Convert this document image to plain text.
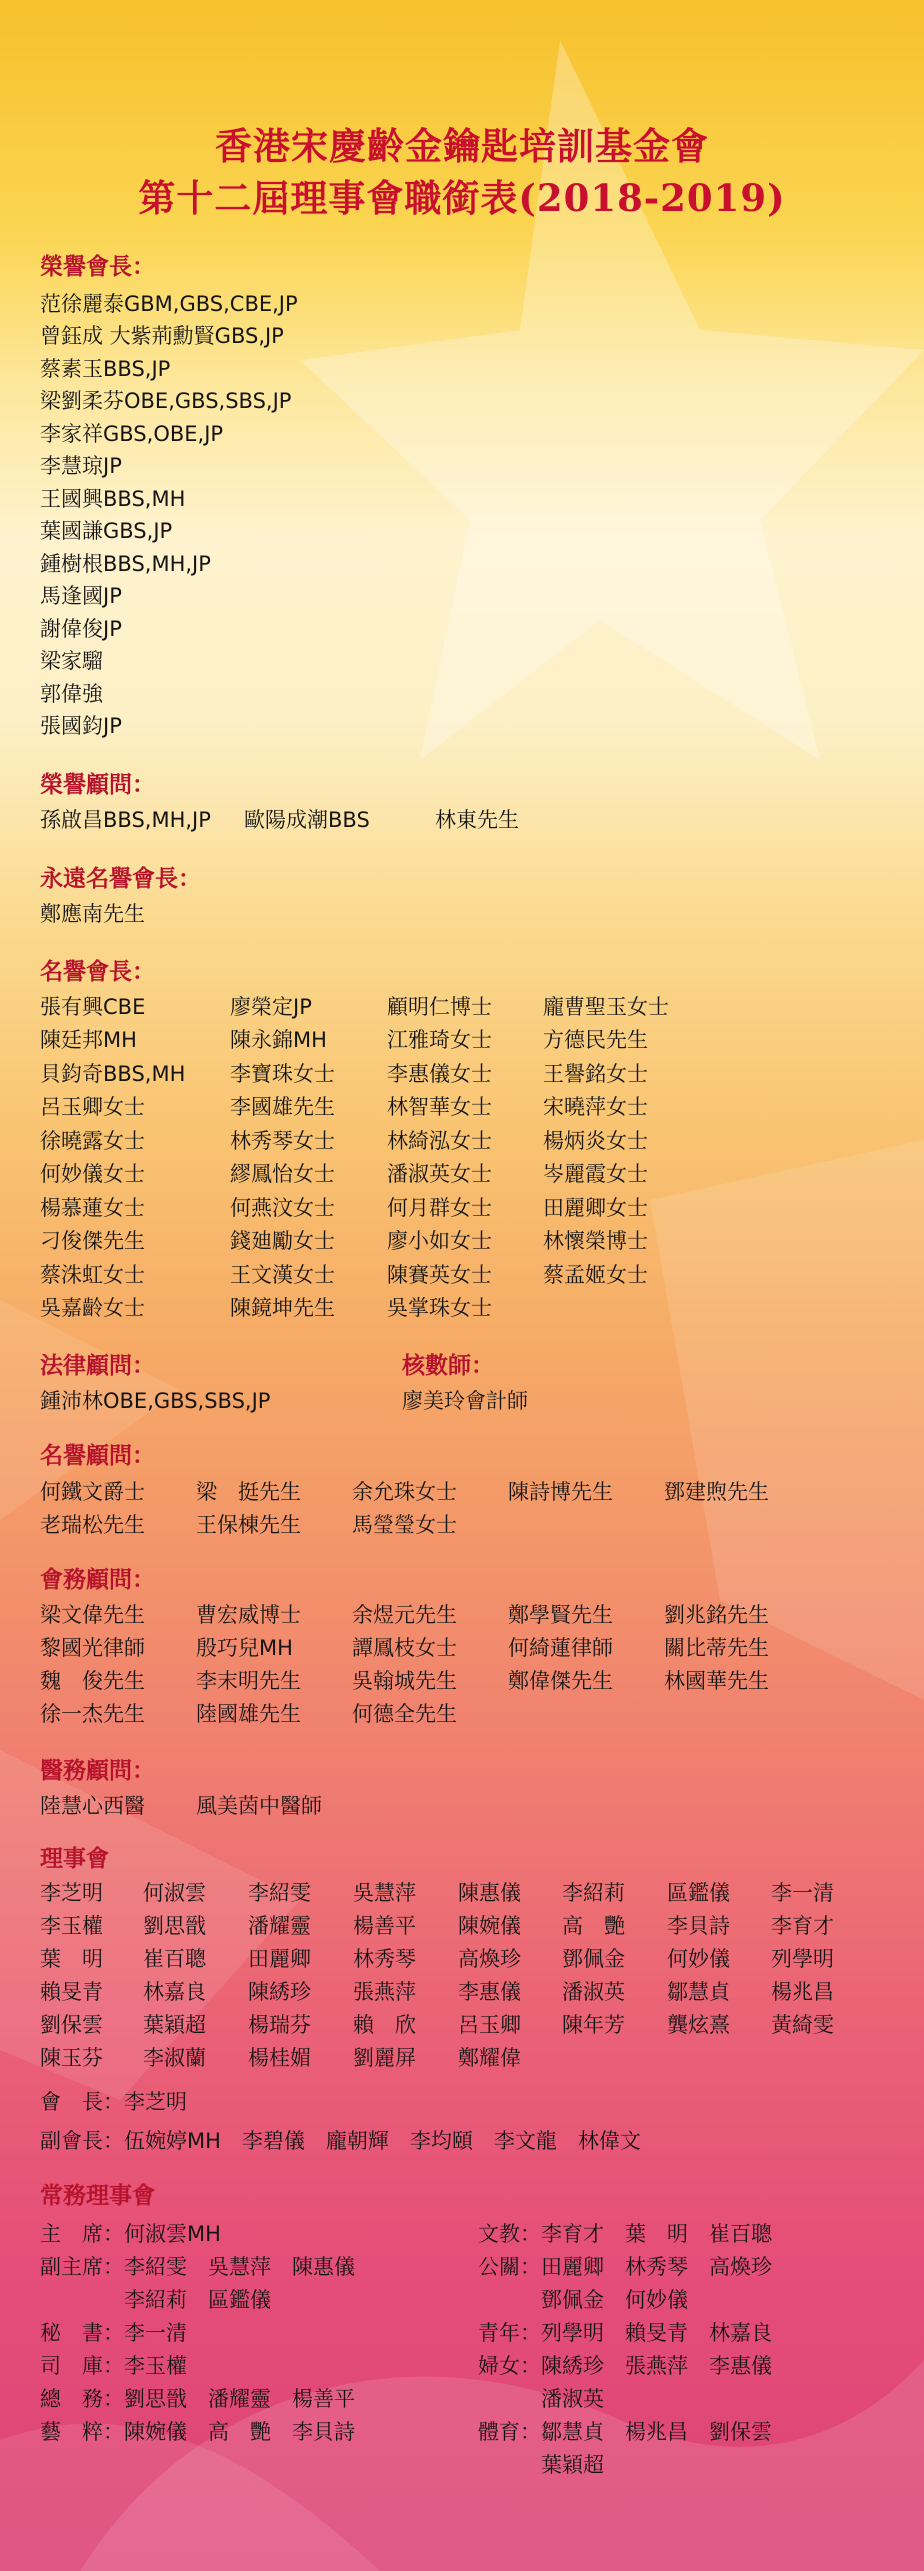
香港宋慶齡金鑰匙培訓基金會
第十二屆理事會職銜表(2018-2019)
榮譽會長：
范徐麗泰GBM,GBS,CBE,JP
曾鈺成 大紫荊勳賢GBS,JP
蔡素玉BBS,JP
梁劉柔芬OBE,GBS,SBS,JP
李家祥GBS,OBE,JP
李慧琼JP
王國興BBS,MH
葉國謙GBS,JP
鍾樹根BBS,MH,JP
馬逢國JP
謝偉俊JP
梁家騮
郭偉強
張國鈞JP
榮譽顧問：
孫啟昌BBS,MH,JP 歐陽成潮BBS	林東先生
永遠名譽會長：
鄭應南先生
名譽會長：
張有興CBE	廖榮定JP	顧明仁博士 龐曹聖玉女士
陳廷邦MH	陳永錦MH	江雅琦女士 方德民先生
貝鈞奇BBS,MH 李寶珠女士 李惠儀女士 王譽銘女士
呂玉卿女士	李國雄先生 林智華女士 宋曉萍女士
徐曉露女士	林秀琴女士 林綺泓女士 楊炳炎女士
何妙儀女士	繆鳳怡女士 潘淑英女士 岑麗霞女士
楊慕蓮女士	何燕汶女士 何月群女士 田麗卿女士
刁俊傑先生	錢廸勵女士 廖小如女士 林懷榮博士
蔡洙虹女士	王文漢女士 陳賽英女士 蔡孟姬女士
吳嘉齡女士	陳鏡坤先生 吳掌珠女士
法律顧問：
鍾沛林OBE,GBS,SBS,JP
核數師：
廖美玲會計師
名譽顧問：
何鐵文爵士 梁　挺先生 余允珠女士 陳詩博先生 鄧建煦先生
老瑞松先生 王保棟先生 馬瑩瑩女士
會務顧問：
梁文偉先生 曹宏威博士 余煜元先生 鄭學賢先生 劉兆銘先生
黎國光律師 殷巧兒MH	譚鳳枝女士 何綺蓮律師 關比蒂先生
魏　俊先生 李末明先生 吳翰城先生 鄭偉傑先生 林國華先生
徐一杰先生 陸國雄先生 何德全先生
醫務顧問：
陸慧心西醫 風美茵中醫師
理事會
李芝明 何淑雲 李紹雯 吳慧萍 陳惠儀 李紹莉 區鑑儀 李一清
李玉權 劉思戩 潘耀靈 楊善平 陳婉儀 高　艷 李貝詩 李育才
葉　明 崔百聰 田麗卿 林秀琴 高煥珍 鄧佩金 何妙儀 列學明
賴旻青 林嘉良 陳綉珍 張燕萍 李惠儀 潘淑英 鄒慧貞 楊兆昌
劉保雲 葉穎超 楊瑞芬 賴　欣 呂玉卿 陳年芳 龔炫熹 黃綺雯
陳玉芬 李淑蘭 楊桂媚 劉麗屏 鄭耀偉
會　長：李芝明
副會長：伍婉婷MH　李碧儀　龐朝輝　李均頤　李文龍　林偉文
常務理事會
主　席：何淑雲MH
副主席：李紹雯　吳慧萍　陳惠儀
　　　　李紹莉　區鑑儀
秘　書：李一清
司　庫：李玉權
總　務：劉思戩　潘耀靈　楊善平
藝　粹：陳婉儀　高　艷　李貝詩
文教：李育才　葉　明　崔百聰
公關：田麗卿　林秀琴　高煥珍
　　　鄧佩金　何妙儀
青年：列學明　賴旻青　林嘉良
婦女：陳綉珍　張燕萍　李惠儀
　　　潘淑英
體育：鄒慧貞　楊兆昌　劉保雲
　　　葉穎超
